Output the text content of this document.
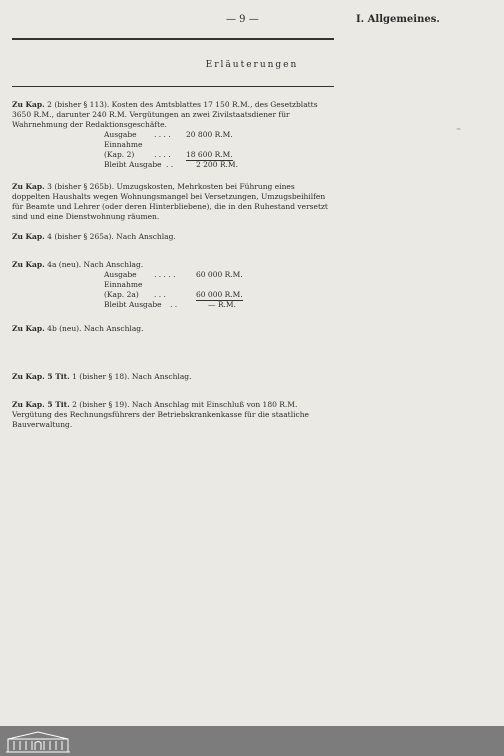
— 9 —	I. Allgemeines.
Erläuterungen
Zu Kap. 2 (bisher § 113). Kosten des Amtsblattes 17 150 R.M., des Gesetzblatts 3650 R.M., darunter 240 R.M. Vergütungen an zwei Zivilstaatsdiener für Wahrnehmung der Redaktionsgeschäfte.
Ausgabe . . . . 20 800 R.M.
Einnahme
(Kap. 2)	. . . . 18 600 R.M.
Bleibt Ausgabe . .	2 200 R.M.
Zu Kap. 3 (bisher § 265b). Umzugskosten, Mehrkosten bei Führung eines doppelten Haushalts wegen Wohnungsmangel bei Versetzungen, Umzugsbeihilfen für Beamte und Lehrer (oder deren Hinterbliebene), die in den Ruhestand versetzt sind und eine Dienstwohnung räumen.
Zu Kap. 4 (bisher § 265a). Nach Anschlag.
Zu Kap. 4a (neu). Nach Anschlag.
Ausgabe . . . . .	60 000 R.M.
Einnahme
(Kap. 2a) . . .	60 000 R.M.
Bleibt Ausgabe . .	— R.M.
Zu Kap. 4b (neu). Nach Anschlag.
Zu Kap. 5 Tit. 1 (bisher § 18). Nach Anschlag.
Zu Kap. 5 Tit. 2 (bisher § 19). Nach Anschlag mit Einschluß von 180 R.M. Vergütung des Rechnungsführers der Betriebskrankenkasse für die staatliche Bauverwaltung.
≈
